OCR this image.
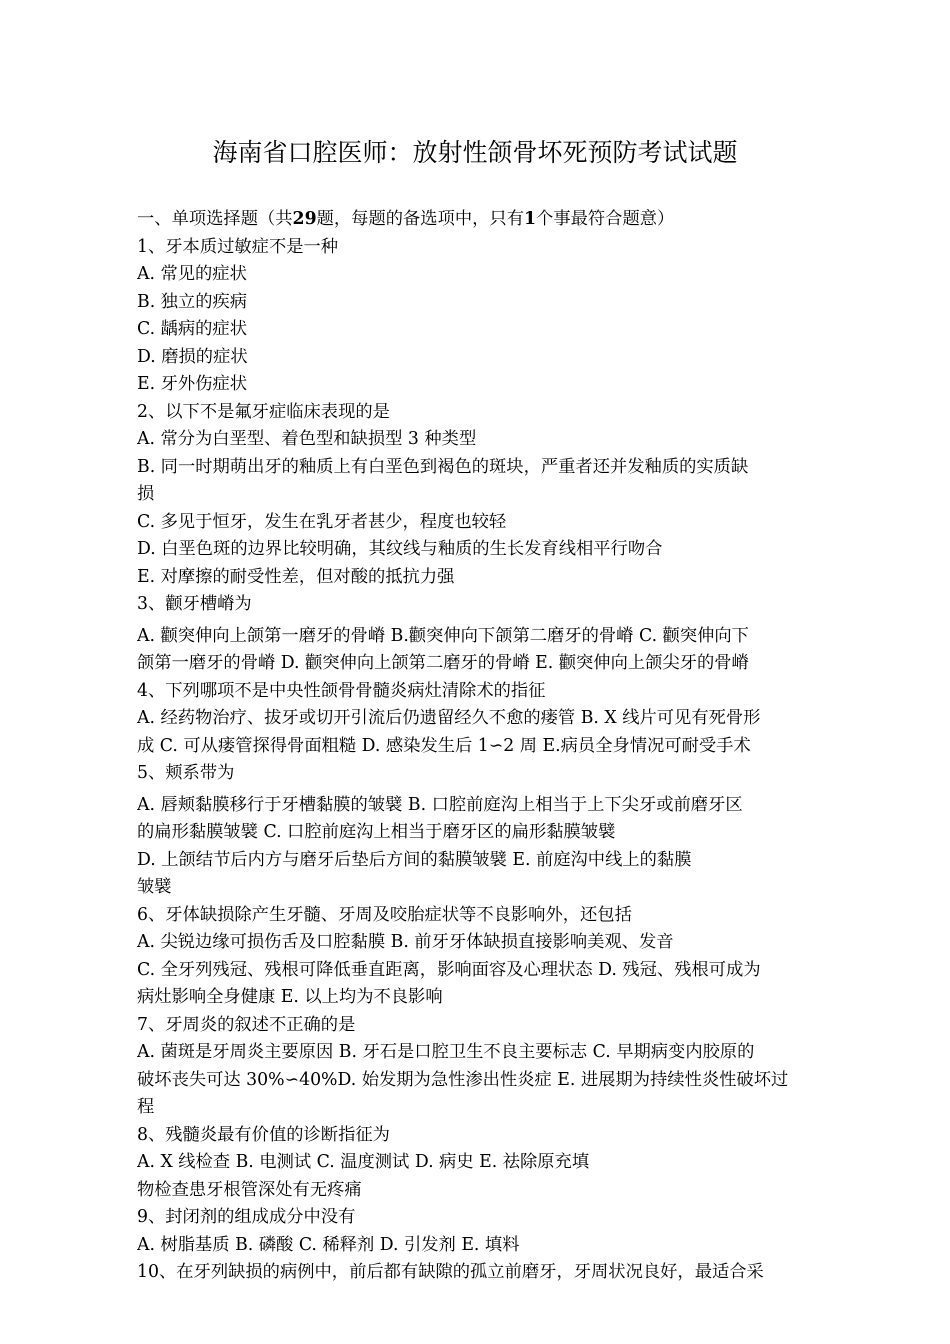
海南省口腔医师：放射性颌骨坏死预防考试试题
一、单项选择题（共29题，每题的备选项中，只有1个事最符合题意）
1、牙本质过敏症不是一种
A. 常见的症状
B. 独立的疾病
C. 龋病的症状
D. 磨损的症状
E. 牙外伤症状
2、以下不是氟牙症临床表现的是
A. 常分为白垩型、着色型和缺损型 3 种类型
B. 同一时期萌出牙的釉质上有白垩色到褐色的斑块，严重者还并发釉质的实质缺
损
C. 多见于恒牙，发生在乳牙者甚少，程度也较轻
D. 白垩色斑的边界比较明确，其纹线与釉质的生长发育线相平行吻合
E. 对摩擦的耐受性差，但对酸的抵抗力强
3、颧牙槽嵴为
A. 颧突伸向上颌第一磨牙的骨嵴 B.颧突伸向下颌第二磨牙的骨嵴 C. 颧突伸向下
颌第一磨牙的骨嵴 D. 颧突伸向上颌第二磨牙的骨嵴 E. 颧突伸向上颌尖牙的骨嵴
4、下列哪项不是中央性颌骨骨髓炎病灶清除术的指征
A. 经药物治疗、拔牙或切开引流后仍遗留经久不愈的瘘管 B. X 线片可见有死骨形
成 C. 可从瘘管探得骨面粗糙 D. 感染发生后 1∽2 周 E.病员全身情况可耐受手术
5、颊系带为
A. 唇颊黏膜移行于牙槽黏膜的皱襞 B. 口腔前庭沟上相当于上下尖牙或前磨牙区
的扁形黏膜皱襞 C. 口腔前庭沟上相当于磨牙区的扁形黏膜皱襞
D. 上颌结节后内方与磨牙后垫后方间的黏膜皱襞 E. 前庭沟中线上的黏膜
皱襞
6、牙体缺损除产生牙髓、牙周及咬胎症状等不良影响外，还包括
A. 尖锐边缘可损伤舌及口腔黏膜 B. 前牙牙体缺损直接影响美观、发音
C. 全牙列残冠、残根可降低垂直距离，影响面容及心理状态 D. 残冠、残根可成为
病灶影响全身健康 E. 以上均为不良影响
7、牙周炎的叙述不正确的是
A. 菌斑是牙周炎主要原因 B. 牙石是口腔卫生不良主要标志 C. 早期病变内胶原的
破坏丧失可达 30%∽40%D. 始发期为急性渗出性炎症 E. 进展期为持续性炎性破坏过
程
8、残髓炎最有价值的诊断指征为
A. X 线检查 B. 电测试 C. 温度测试 D. 病史 E. 祛除原充填
物检查患牙根管深处有无疼痛
9、封闭剂的组成成分中没有
A. 树脂基质 B. 磷酸 C. 稀释剂 D. 引发剂 E. 填料
10、在牙列缺损的病例中，前后都有缺隙的孤立前磨牙，牙周状况良好，最适合采
